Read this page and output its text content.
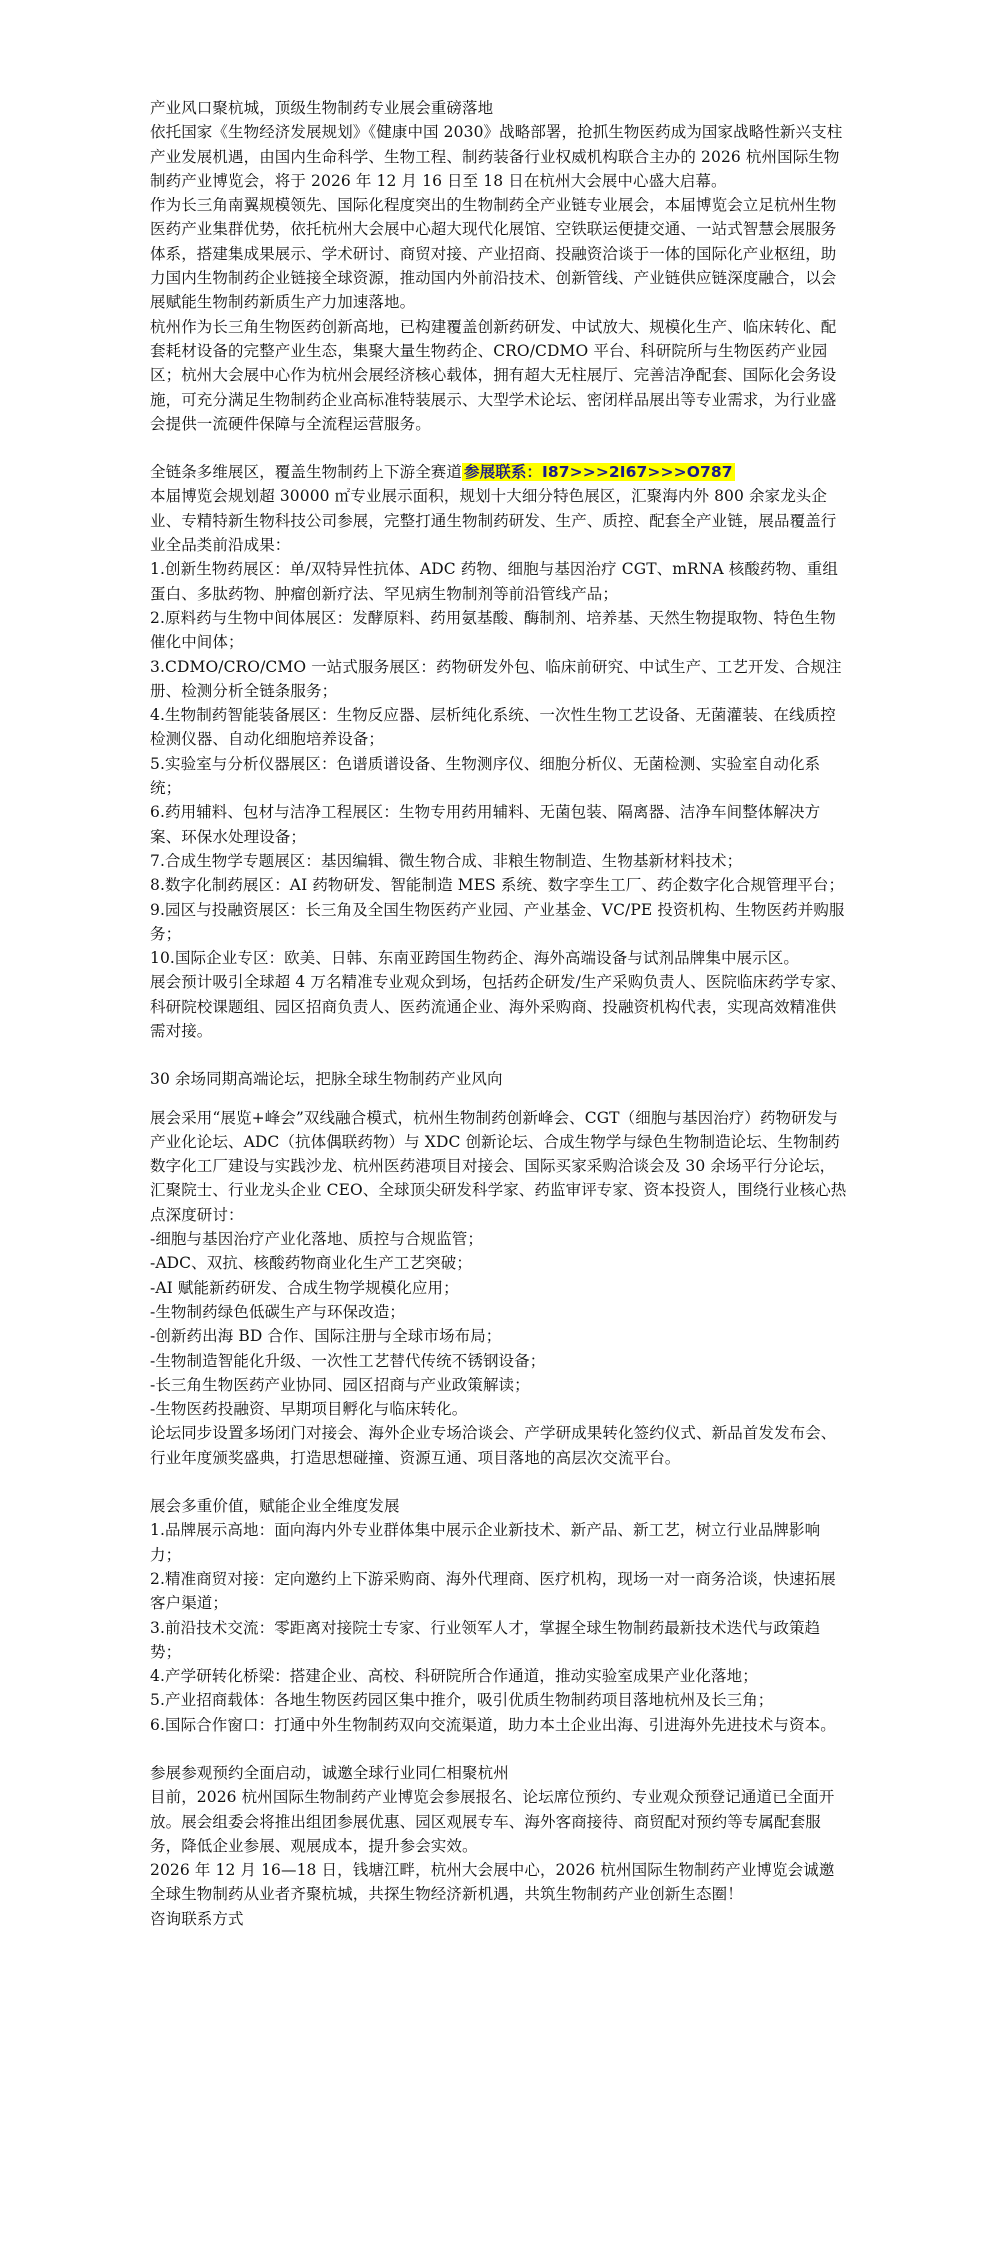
产业风口聚杭城，顶级生物制药专业展会重磅落地

依托国家《生物经济发展规划》《健康中国 2030》战略部署，抢抓生物医药成为国家战略性新兴支柱产业发展机遇，由国内生命科学、生物工程、制药装备行业权威机构联合主办的 2026 杭州国际生物制药产业博览会，将于 2026 年 12 月 16 日至 18 日在杭州大会展中心盛大启幕。

作为长三角南翼规模领先、国际化程度突出的生物制药全产业链专业展会，本届博览会立足杭州生物医药产业集群优势，依托杭州大会展中心超大现代化展馆、空铁联运便捷交通、一站式智慧会展服务体系，搭建集成果展示、学术研讨、商贸对接、产业招商、投融资洽谈于一体的国际化产业枢纽，助力国内生物制药企业链接全球资源，推动国内外前沿技术、创新管线、产业链供应链深度融合，以会展赋能生物制药新质生产力加速落地。

杭州作为长三角生物医药创新高地，已构建覆盖创新药研发、中试放大、规模化生产、临床转化、配套耗材设备的完整产业生态，集聚大量生物药企、CRO/CDMO 平台、科研院所与生物医药产业园区；杭州大会展中心作为杭州会展经济核心载体，拥有超大无柱展厅、完善洁净配套、国际化会务设施，可充分满足生物制药企业高标准特装展示、大型学术论坛、密闭样品展出等专业需求，为行业盛会提供一流硬件保障与全流程运营服务。

全链条多维展区，覆盖生物制药上下游全赛道 参展联系：I87>>>2I67>>>O787

本届博览会规划超 30000 ㎡专业展示面积，规划十大细分特色展区，汇聚海内外 800 余家龙头企业、专精特新生物科技公司参展，完整打通生物制药研发、生产、质控、配套全产业链，展品覆盖行业全品类前沿成果：

1.创新生物药展区：单/双特异性抗体、ADC 药物、细胞与基因治疗 CGT、mRNA 核酸药物、重组蛋白、多肽药物、肿瘤创新疗法、罕见病生物制剂等前沿管线产品；

2.原料药与生物中间体展区：发酵原料、药用氨基酸、酶制剂、培养基、天然生物提取物、特色生物催化中间体；

3.CDMO/CRO/CMO 一站式服务展区：药物研发外包、临床前研究、中试生产、工艺开发、合规注册、检测分析全链条服务；

4.生物制药智能装备展区：生物反应器、层析纯化系统、一次性生物工艺设备、无菌灌装、在线质控检测仪器、自动化细胞培养设备；

5.实验室与分析仪器展区：色谱质谱设备、生物测序仪、细胞分析仪、无菌检测、实验室自动化系统；

6.药用辅料、包材与洁净工程展区：生物专用药用辅料、无菌包装、隔离器、洁净车间整体解决方案、环保水处理设备；

7.合成生物学专题展区：基因编辑、微生物合成、非粮生物制造、生物基新材料技术；

8.数字化制药展区：AI 药物研发、智能制造 MES 系统、数字孪生工厂、药企数字化合规管理平台；

9.园区与投融资展区：长三角及全国生物医药产业园、产业基金、VC/PE 投资机构、生物医药并购服务；

10.国际企业专区：欧美、日韩、东南亚跨国生物药企、海外高端设备与试剂品牌集中展示区。

展会预计吸引全球超 4 万名精准专业观众到场，包括药企研发/生产采购负责人、医院临床药学专家、科研院校课题组、园区招商负责人、医药流通企业、海外采购商、投融资机构代表，实现高效精准供需对接。

30 余场同期高端论坛，把脉全球生物制药产业风向

展会采用“展览+峰会”双线融合模式，杭州生物制药创新峰会、CGT（细胞与基因治疗）药物研发与产业化论坛、ADC（抗体偶联药物）与 XDC 创新论坛、合成生物学与绿色生物制造论坛、生物制药数字化工厂建设与实践沙龙、杭州医药港项目对接会、国际买家采购洽谈会及 30 余场平行分论坛，汇聚院士、行业龙头企业 CEO、全球顶尖研发科学家、药监审评专家、资本投资人，围绕行业核心热点深度研讨：

-细胞与基因治疗产业化落地、质控与合规监管；

-ADC、双抗、核酸药物商业化生产工艺突破；

-AI 赋能新药研发、合成生物学规模化应用；

-生物制药绿色低碳生产与环保改造；

-创新药出海 BD 合作、国际注册与全球市场布局；

-生物制造智能化升级、一次性工艺替代传统不锈钢设备；

-长三角生物医药产业协同、园区招商与产业政策解读；

-生物医药投融资、早期项目孵化与临床转化。

论坛同步设置多场闭门对接会、海外企业专场洽谈会、产学研成果转化签约仪式、新品首发发布会、行业年度颁奖盛典，打造思想碰撞、资源互通、项目落地的高层次交流平台。

展会多重价值，赋能企业全维度发展

1.品牌展示高地：面向海内外专业群体集中展示企业新技术、新产品、新工艺，树立行业品牌影响力；

2.精准商贸对接：定向邀约上下游采购商、海外代理商、医疗机构，现场一对一商务洽谈，快速拓展客户渠道；

3.前沿技术交流：零距离对接院士专家、行业领军人才，掌握全球生物制药最新技术迭代与政策趋势；

4.产学研转化桥梁：搭建企业、高校、科研院所合作通道，推动实验室成果产业化落地；

5.产业招商载体：各地生物医药园区集中推介，吸引优质生物制药项目落地杭州及长三角；

6.国际合作窗口：打通中外生物制药双向交流渠道，助力本土企业出海、引进海外先进技术与资本。

参展参观预约全面启动，诚邀全球行业同仁相聚杭州

目前，2026 杭州国际生物制药产业博览会参展报名、论坛席位预约、专业观众预登记通道已全面开放。展会组委会将推出组团参展优惠、园区观展专车、海外客商接待、商贸配对预约等专属配套服务，降低企业参展、观展成本，提升参会实效。

2026 年 12 月 16—18 日，钱塘江畔，杭州大会展中心，2026 杭州国际生物制药产业博览会诚邀全球生物制药从业者齐聚杭城，共探生物经济新机遇，共筑生物制药产业创新生态圈！

咨询联系方式
